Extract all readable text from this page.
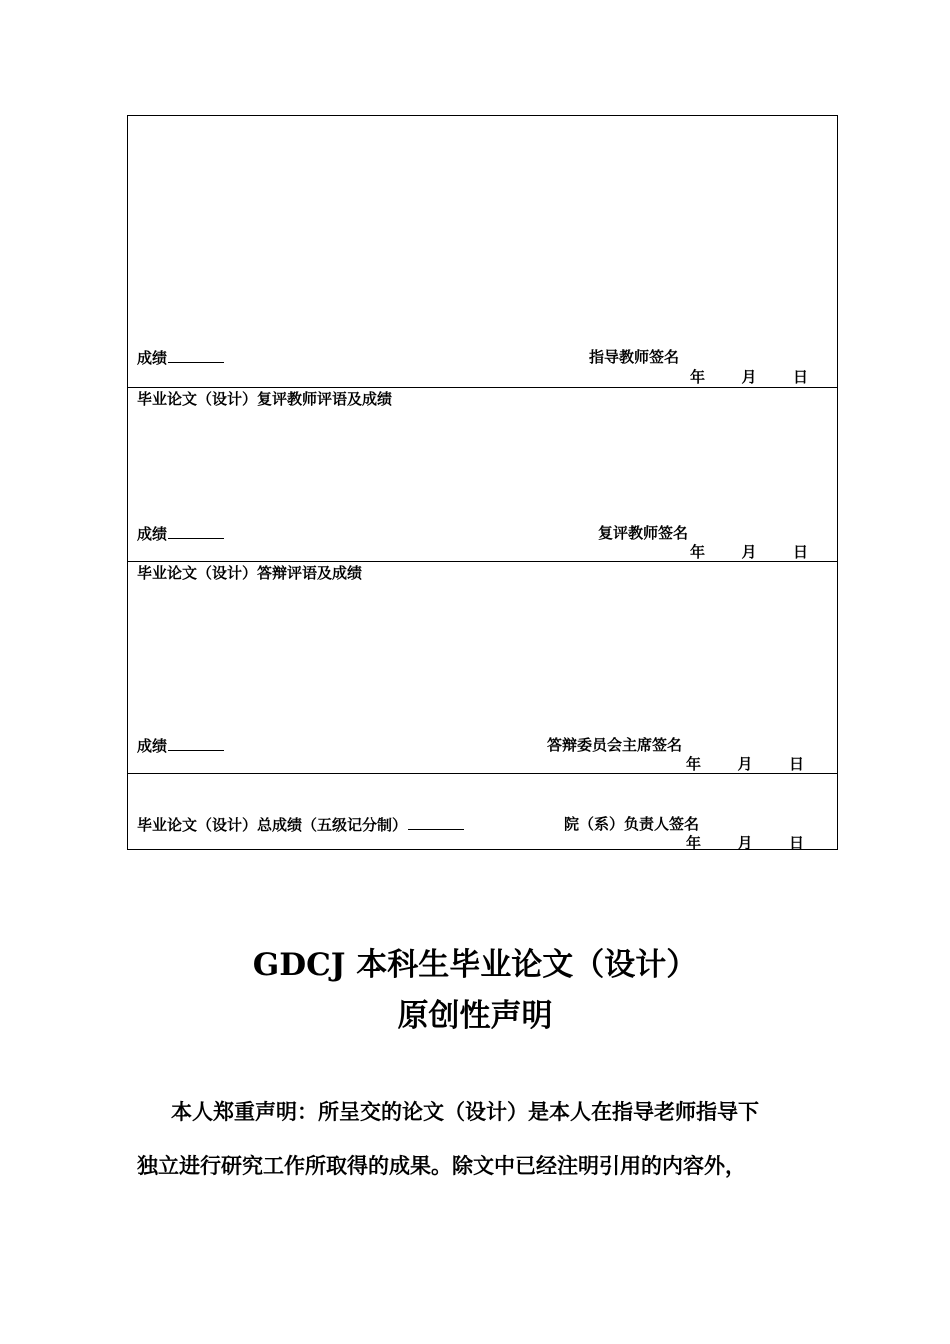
成绩	指导教师签名
年 月 日
毕业论文（设计）复评教师评语及成绩
成绩	复评教师签名
年 月 日
毕业论文（设计）答辩评语及成绩
成绩	答辩委员会主席签名
年 月 日
毕业论文（设计）总成绩（五级记分制）	院（系）负责人签名
年 月 日
GDCJ 本科生毕业论文（设计）
原创性声明
本人郑重声明：所呈交的论文（设计）是本人在指导老师指导下
独立进行研究工作所取得的成果。除文中已经注明引用的内容外，
